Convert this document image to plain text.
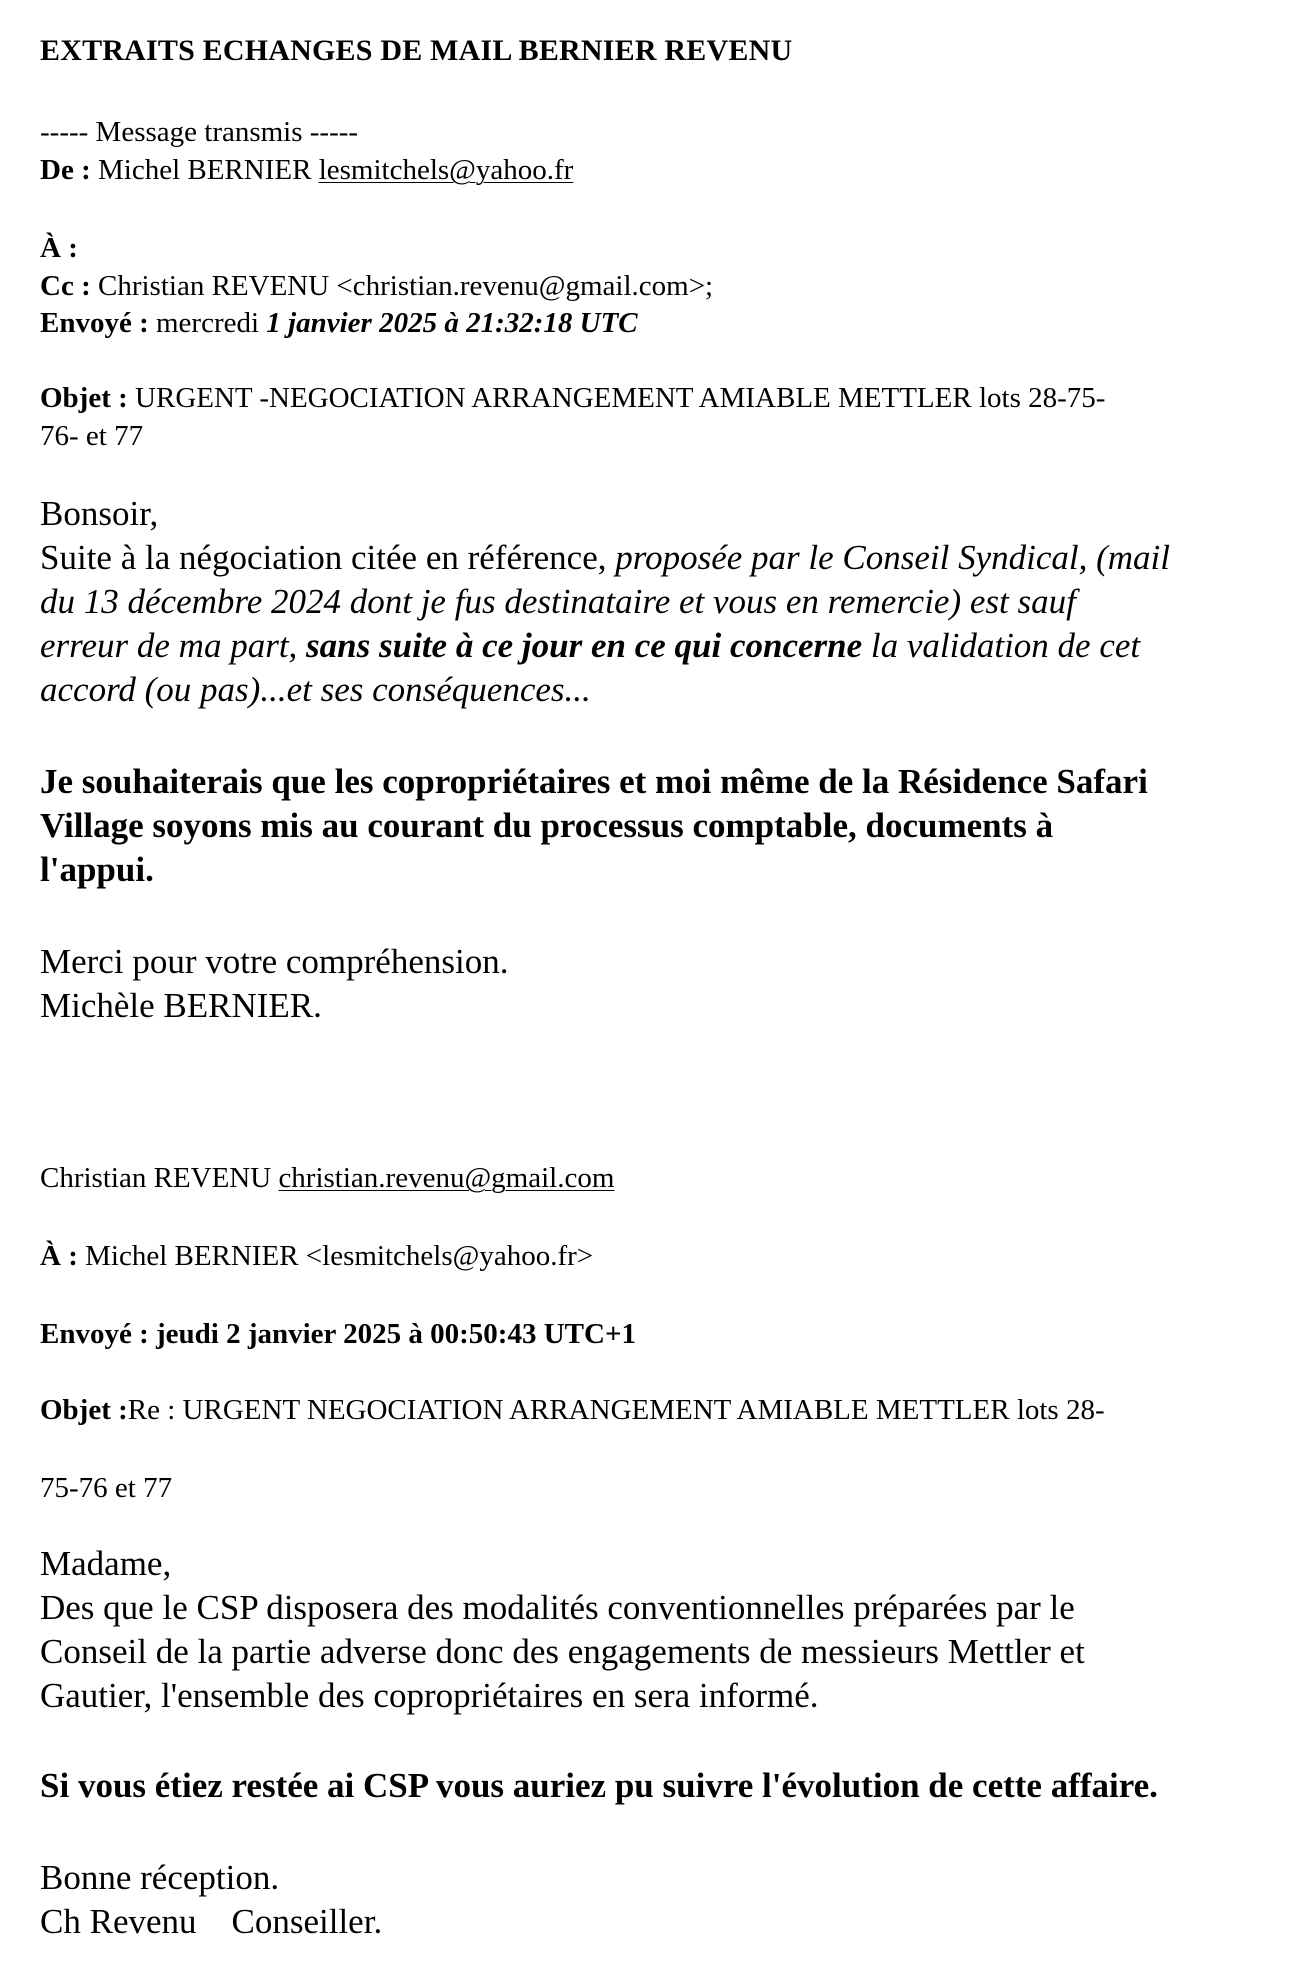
EXTRAITS ECHANGES DE MAIL BERNIER REVENU
----- Message transmis -----
De : Michel BERNIER lesmitchels@yahoo.fr
À :
Cc : Christian REVENU <christian.revenu@gmail.com>;
Envoyé : mercredi 1 janvier 2025 à 21:32:18 UTC
Objet : URGENT -NEGOCIATION ARRANGEMENT AMIABLE METTLER lots 28-75-
76- et 77
Bonsoir,
Suite à la négociation citée en référence, proposée par le Conseil Syndical, (mail
du 13 décembre 2024 dont je fus destinataire et vous en remercie) est sauf
erreur de ma part, sans suite à ce jour en ce qui concerne la validation de cet
accord (ou pas)...et ses conséquences...
Je souhaiterais que les copropriétaires et moi même de la Résidence Safari
Village soyons mis au courant du processus comptable, documents à
l'appui.
Merci pour votre compréhension.
Michèle BERNIER.
Christian REVENU christian.revenu@gmail.com
À : Michel BERNIER <lesmitchels@yahoo.fr>
Envoyé : jeudi 2 janvier 2025 à 00:50:43 UTC+1
Objet :Re : URGENT NEGOCIATION ARRANGEMENT AMIABLE METTLER lots 28-
75-76 et 77
Madame,
Des que le CSP disposera des modalités conventionnelles préparées par le
Conseil de la partie adverse donc des engagements de messieurs Mettler et
Gautier, l'ensemble des copropriétaires en sera informé.
Si vous étiez restée ai CSP vous auriez pu suivre l'évolution de cette affaire.
Bonne réception.
Ch Revenu    Conseiller.
